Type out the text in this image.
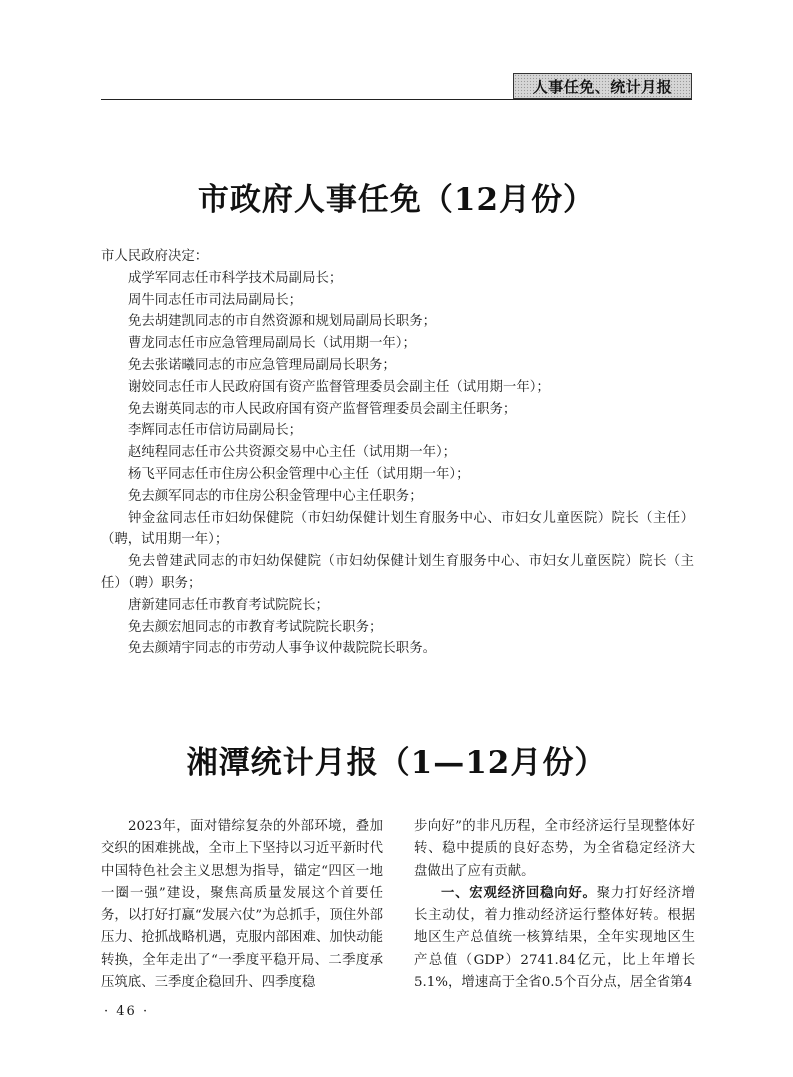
人事任免、统计月报
市政府人事任免（12月份）

市人民政府决定：

成学军同志任市科学技术局副局长；

周牛同志任市司法局副局长；

免去胡建凯同志的市自然资源和规划局副局长职务；

曹龙同志任市应急管理局副局长（试用期一年）；

免去张诺曦同志的市应急管理局副局长职务；

谢姣同志任市人民政府国有资产监督管理委员会副主任（试用期一年）；

免去谢英同志的市人民政府国有资产监督管理委员会副主任职务；

李辉同志任市信访局副局长；

赵纯程同志任市公共资源交易中心主任（试用期一年）；

杨飞平同志任市住房公积金管理中心主任（试用期一年）；

免去颜军同志的市住房公积金管理中心主任职务；

钟金盆同志任市妇幼保健院（市妇幼保健计划生育服务中心、市妇女儿童医院）院长（主任）（聘，试用期一年）；

免去曾建武同志的市妇幼保健院（市妇幼保健计划生育服务中心、市妇女儿童医院）院长（主任）（聘）职务；

唐新建同志任市教育考试院院长；

免去颜宏旭同志的市教育考试院院长职务；

免去颜靖宇同志的市劳动人事争议仲裁院院长职务。

湘潭统计月报（1—12月份）

2023年，面对错综复杂的外部环境，叠加交织的困难挑战，全市上下坚持以习近平新时代中国特色社会主义思想为指导，锚定“四区一地一圈一强”建设，聚焦高质量发展这个首要任务，以打好打赢“发展六仗”为总抓手，顶住外部压力、抢抓战略机遇，克服内部困难、加快动能转换，全年走出了“一季度平稳开局、二季度承压筑底、三季度企稳回升、四季度稳

步向好”的非凡历程，全市经济运行呈现整体好转、稳中提质的良好态势，为全省稳定经济大盘做出了应有贡献。

一、宏观经济回稳向好。聚力打好经济增长主动仗，着力推动经济运行整体好转。根据地区生产总值统一核算结果，全年实现地区生产总值（GDP）2741.84亿元，比上年增长5.1%，增速高于全省0.5个百分点，居全省第4

· 46 ·
